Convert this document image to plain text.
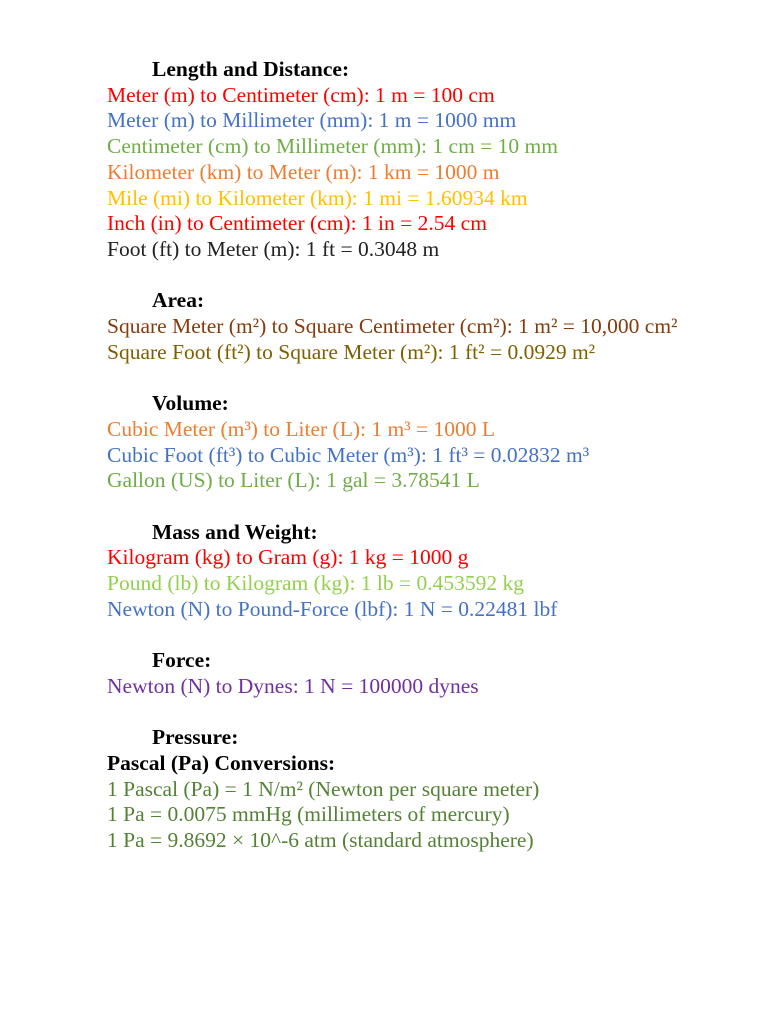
Length and Distance:
Meter (m) to Centimeter (cm): 1 m = 100 cm
Meter (m) to Millimeter (mm): 1 m = 1000 mm
Centimeter (cm) to Millimeter (mm): 1 cm = 10 mm
Kilometer (km) to Meter (m): 1 km = 1000 m
Mile (mi) to Kilometer (km): 1 mi = 1.60934 km
Inch (in) to Centimeter (cm): 1 in = 2.54 cm
Foot (ft) to Meter (m): 1 ft = 0.3048 m
Area:
Square Meter (m²) to Square Centimeter (cm²): 1 m² = 10,000 cm²
Square Foot (ft²) to Square Meter (m²): 1 ft² = 0.0929 m²
Volume:
Cubic Meter (m³) to Liter (L): 1 m³ = 1000 L
Cubic Foot (ft³) to Cubic Meter (m³): 1 ft³ = 0.02832 m³
Gallon (US) to Liter (L): 1 gal = 3.78541 L
Mass and Weight:
Kilogram (kg) to Gram (g): 1 kg = 1000 g
Pound (lb) to Kilogram (kg): 1 lb = 0.453592 kg
Newton (N) to Pound-Force (lbf): 1 N = 0.22481 lbf
Force:
Newton (N) to Dynes: 1 N = 100000 dynes
Pressure:
Pascal (Pa) Conversions:
1 Pascal (Pa) = 1 N/m² (Newton per square meter)
1 Pa = 0.0075 mmHg (millimeters of mercury)
1 Pa = 9.8692 × 10^-6 atm (standard atmosphere)
